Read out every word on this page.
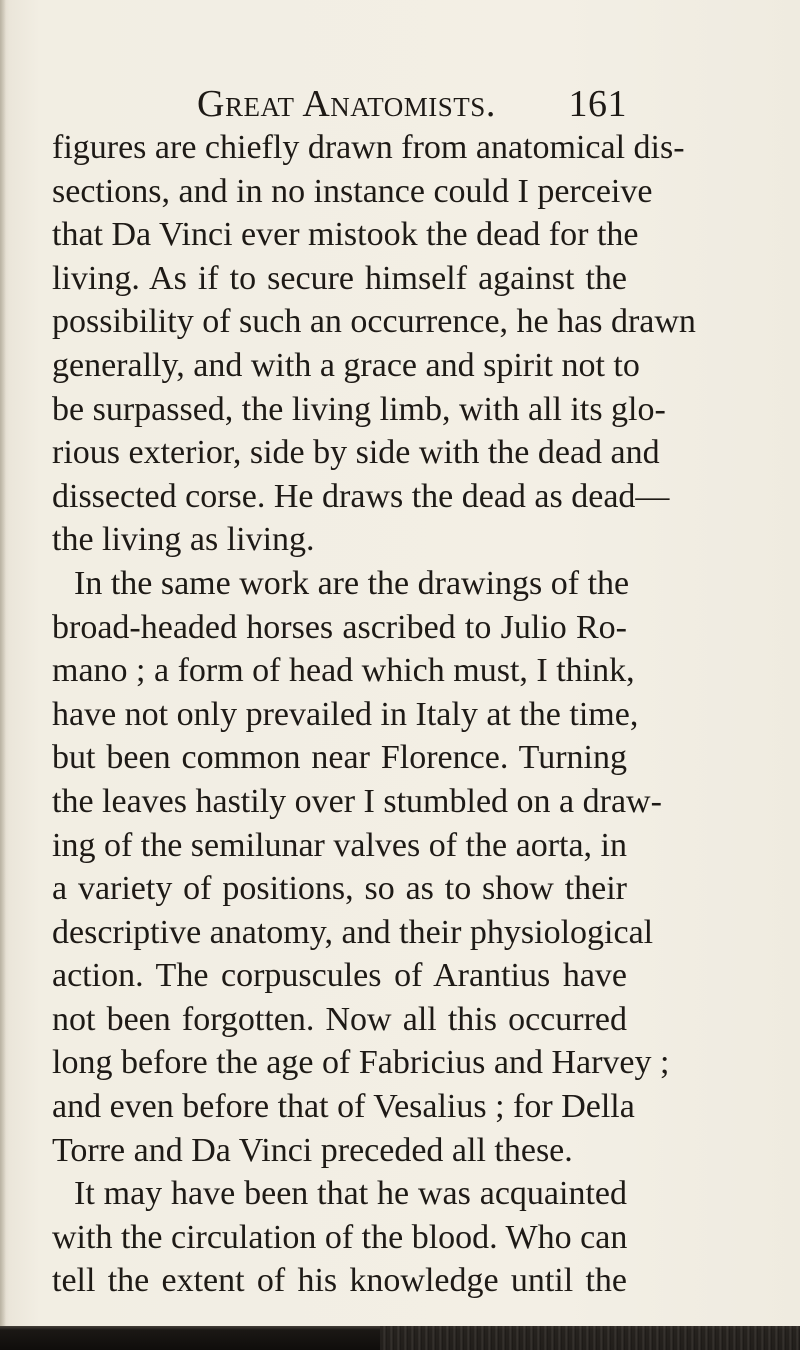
Great Anatomists. 161
figures are chiefly drawn from anatomical dis-
sections, and in no instance could I perceive
that Da Vinci ever mistook the dead for the
living. As if to secure himself against the
possibility of such an occurrence, he has drawn
generally, and with a grace and spirit not to
be surpassed, the living limb, with all its glo-
rious exterior, side by side with the dead and
dissected corse. He draws the dead as dead—
the living as living.
In the same work are the drawings of the
broad-headed horses ascribed to Julio Ro-
mano ; a form of head which must, I think,
have not only prevailed in Italy at the time,
but been common near Florence. Turning
the leaves hastily over I stumbled on a draw-
ing of the semilunar valves of the aorta, in
a variety of positions, so as to show their
descriptive anatomy, and their physiological
action. The corpuscules of Arantius have
not been forgotten. Now all this occurred
long before the age of Fabricius and Harvey ;
and even before that of Vesalius ; for Della
Torre and Da Vinci preceded all these.
It may have been that he was acquainted
with the circulation of the blood. Who can
tell the extent of his knowledge until the
